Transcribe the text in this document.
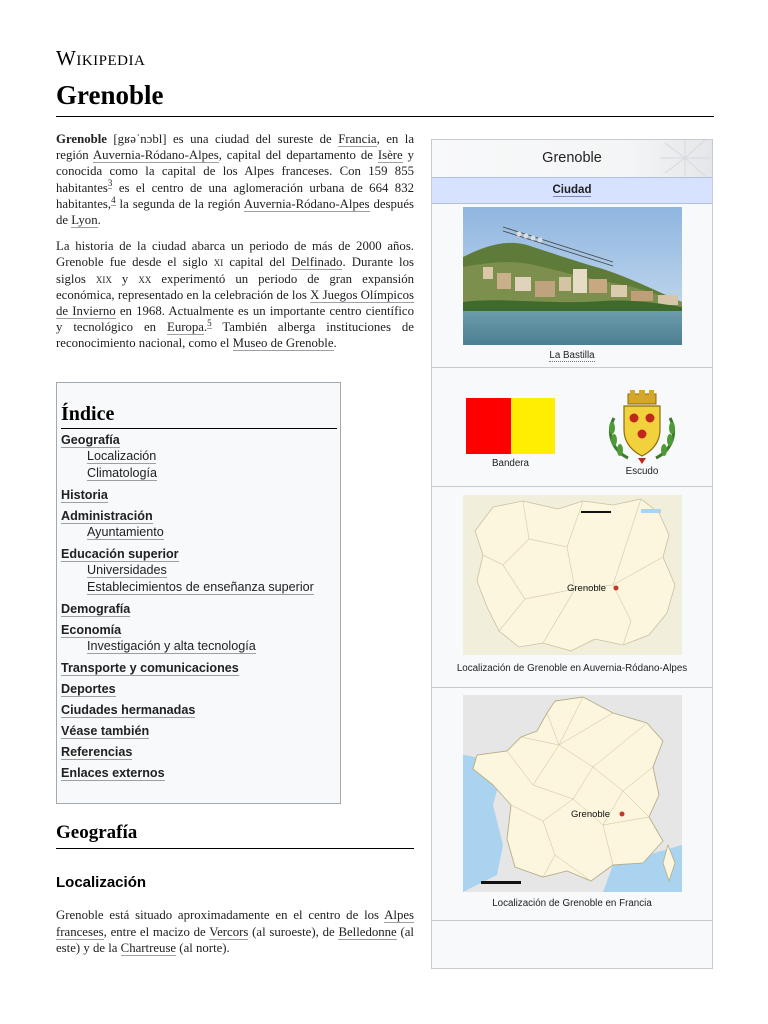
Wikipedia
Grenoble

Grenoble [gʁəˈnɔbl] es una ciudad del sureste de Francia, en la región Auvernia-Ródano-Alpes, capital del departamento de Isère y conocida como la capital de los Alpes franceses. Con 159 855 habitantes$^3$ es el centro de una aglomeración urbana de 664 832 habitantes,$^4$ la segunda de la región Auvernia-Ródano-Alpes después de Lyon.

La historia de la ciudad abarca un periodo de más de 2000 años. Grenoble fue desde el siglo xi capital del Delfinado. Durante los siglos xix y xx experimentó un periodo de gran expansión económica, representado en la celebración de los X Juegos Olímpicos de Invierno en 1968. Actualmente es un importante centro científico y tecnológico en Europa.$^5$ También alberga instituciones de reconocimiento nacional, como el Museo de Grenoble.

Índice
Geografía
Localización
Climatología
Historia
Administración
Ayuntamiento
Educación superior
Universidades
Establecimientos de enseñanza superior
Demografía
Economía
Investigación y alta tecnología
Transporte y comunicaciones
Deportes
Ciudades hermanadas
Véase también
Referencias
Enlaces externos
Geografía
Localización

Grenoble está situado aproximadamente en el centro de los Alpes franceses, entre el macizo de Vercors (al suroeste), de Belledonne (al este) y de la Chartreuse (al norte).

Grenoble
Ciudad
La Bastilla
Bandera
Escudo
Grenoble
Localización de Grenoble en Auvernia-Ródano-Alpes
Grenoble
Localización de Grenoble en Francia
